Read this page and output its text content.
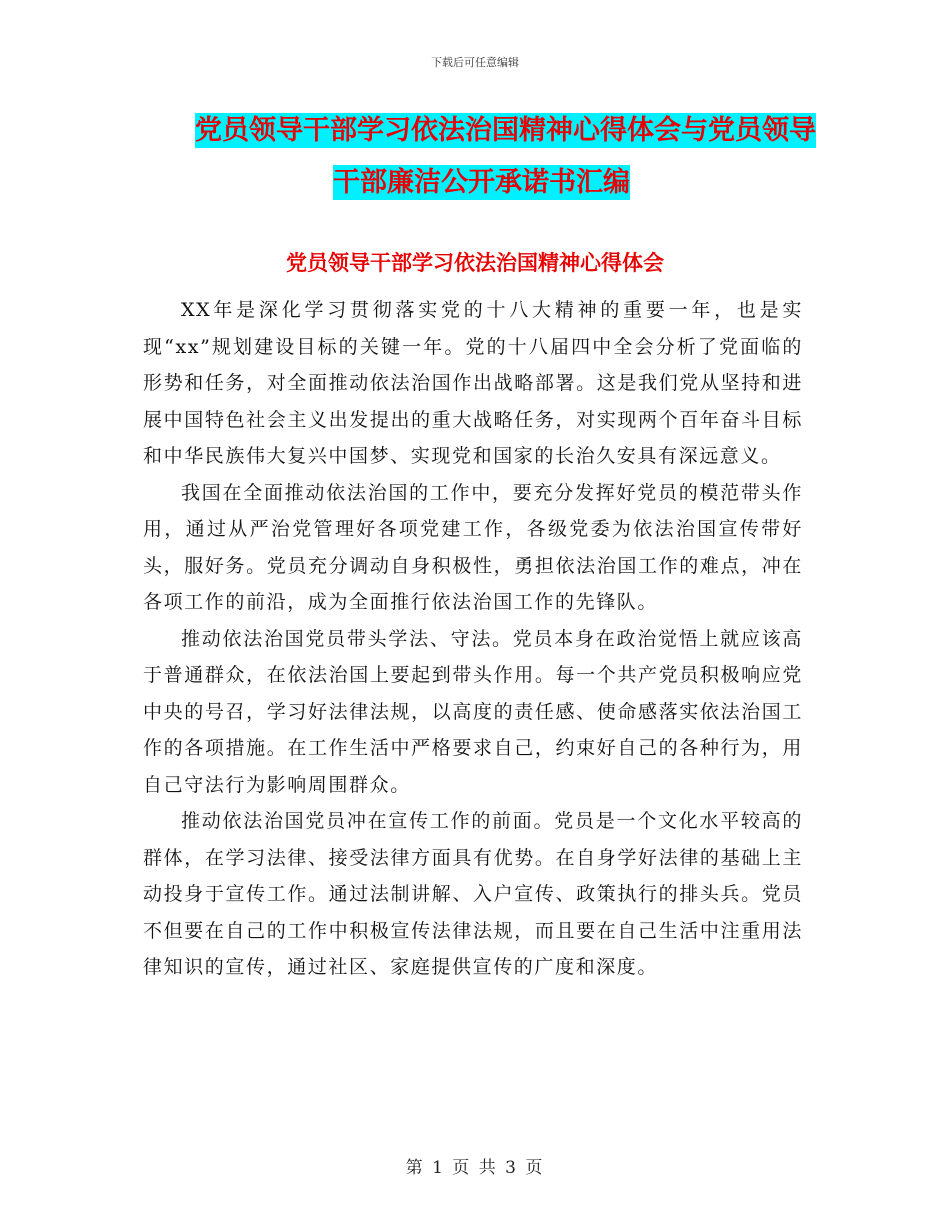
下载后可任意编辑
党员领导干部学习依法治国精神心得体会与党员领导
干部廉洁公开承诺书汇编
党员领导干部学习依法治国精神心得体会

XX年是深化学习贯彻落实党的十八大精神的重要一年，也是实现“xx”规划建设目标的关键一年。党的十八届四中全会分析了党面临的形势和任务，对全面推动依法治国作出战略部署。这是我们党从坚持和进展中国特色社会主义出发提出的重大战略任务，对实现两个百年奋斗目标和中华民族伟大复兴中国梦、实现党和国家的长治久安具有深远意义。

我国在全面推动依法治国的工作中，要充分发挥好党员的模范带头作用，通过从严治党管理好各项党建工作，各级党委为依法治国宣传带好头，服好务。党员充分调动自身积极性，勇担依法治国工作的难点，冲在各项工作的前沿，成为全面推行依法治国工作的先锋队。

推动依法治国党员带头学法、守法。党员本身在政治觉悟上就应该高于普通群众，在依法治国上要起到带头作用。每一个共产党员积极响应党中央的号召，学习好法律法规，以高度的责任感、使命感落实依法治国工作的各项措施。在工作生活中严格要求自己，约束好自己的各种行为，用自己守法行为影响周围群众。

推动依法治国党员冲在宣传工作的前面。党员是一个文化水平较高的群体，在学习法律、接受法律方面具有优势。在自身学好法律的基础上主动投身于宣传工作。通过法制讲解、入户宣传、政策执行的排头兵。党员不但要在自己的工作中积极宣传法律法规，而且要在自己生活中注重用法律知识的宣传，通过社区、家庭提供宣传的广度和深度。

第 1 页 共 3 页
